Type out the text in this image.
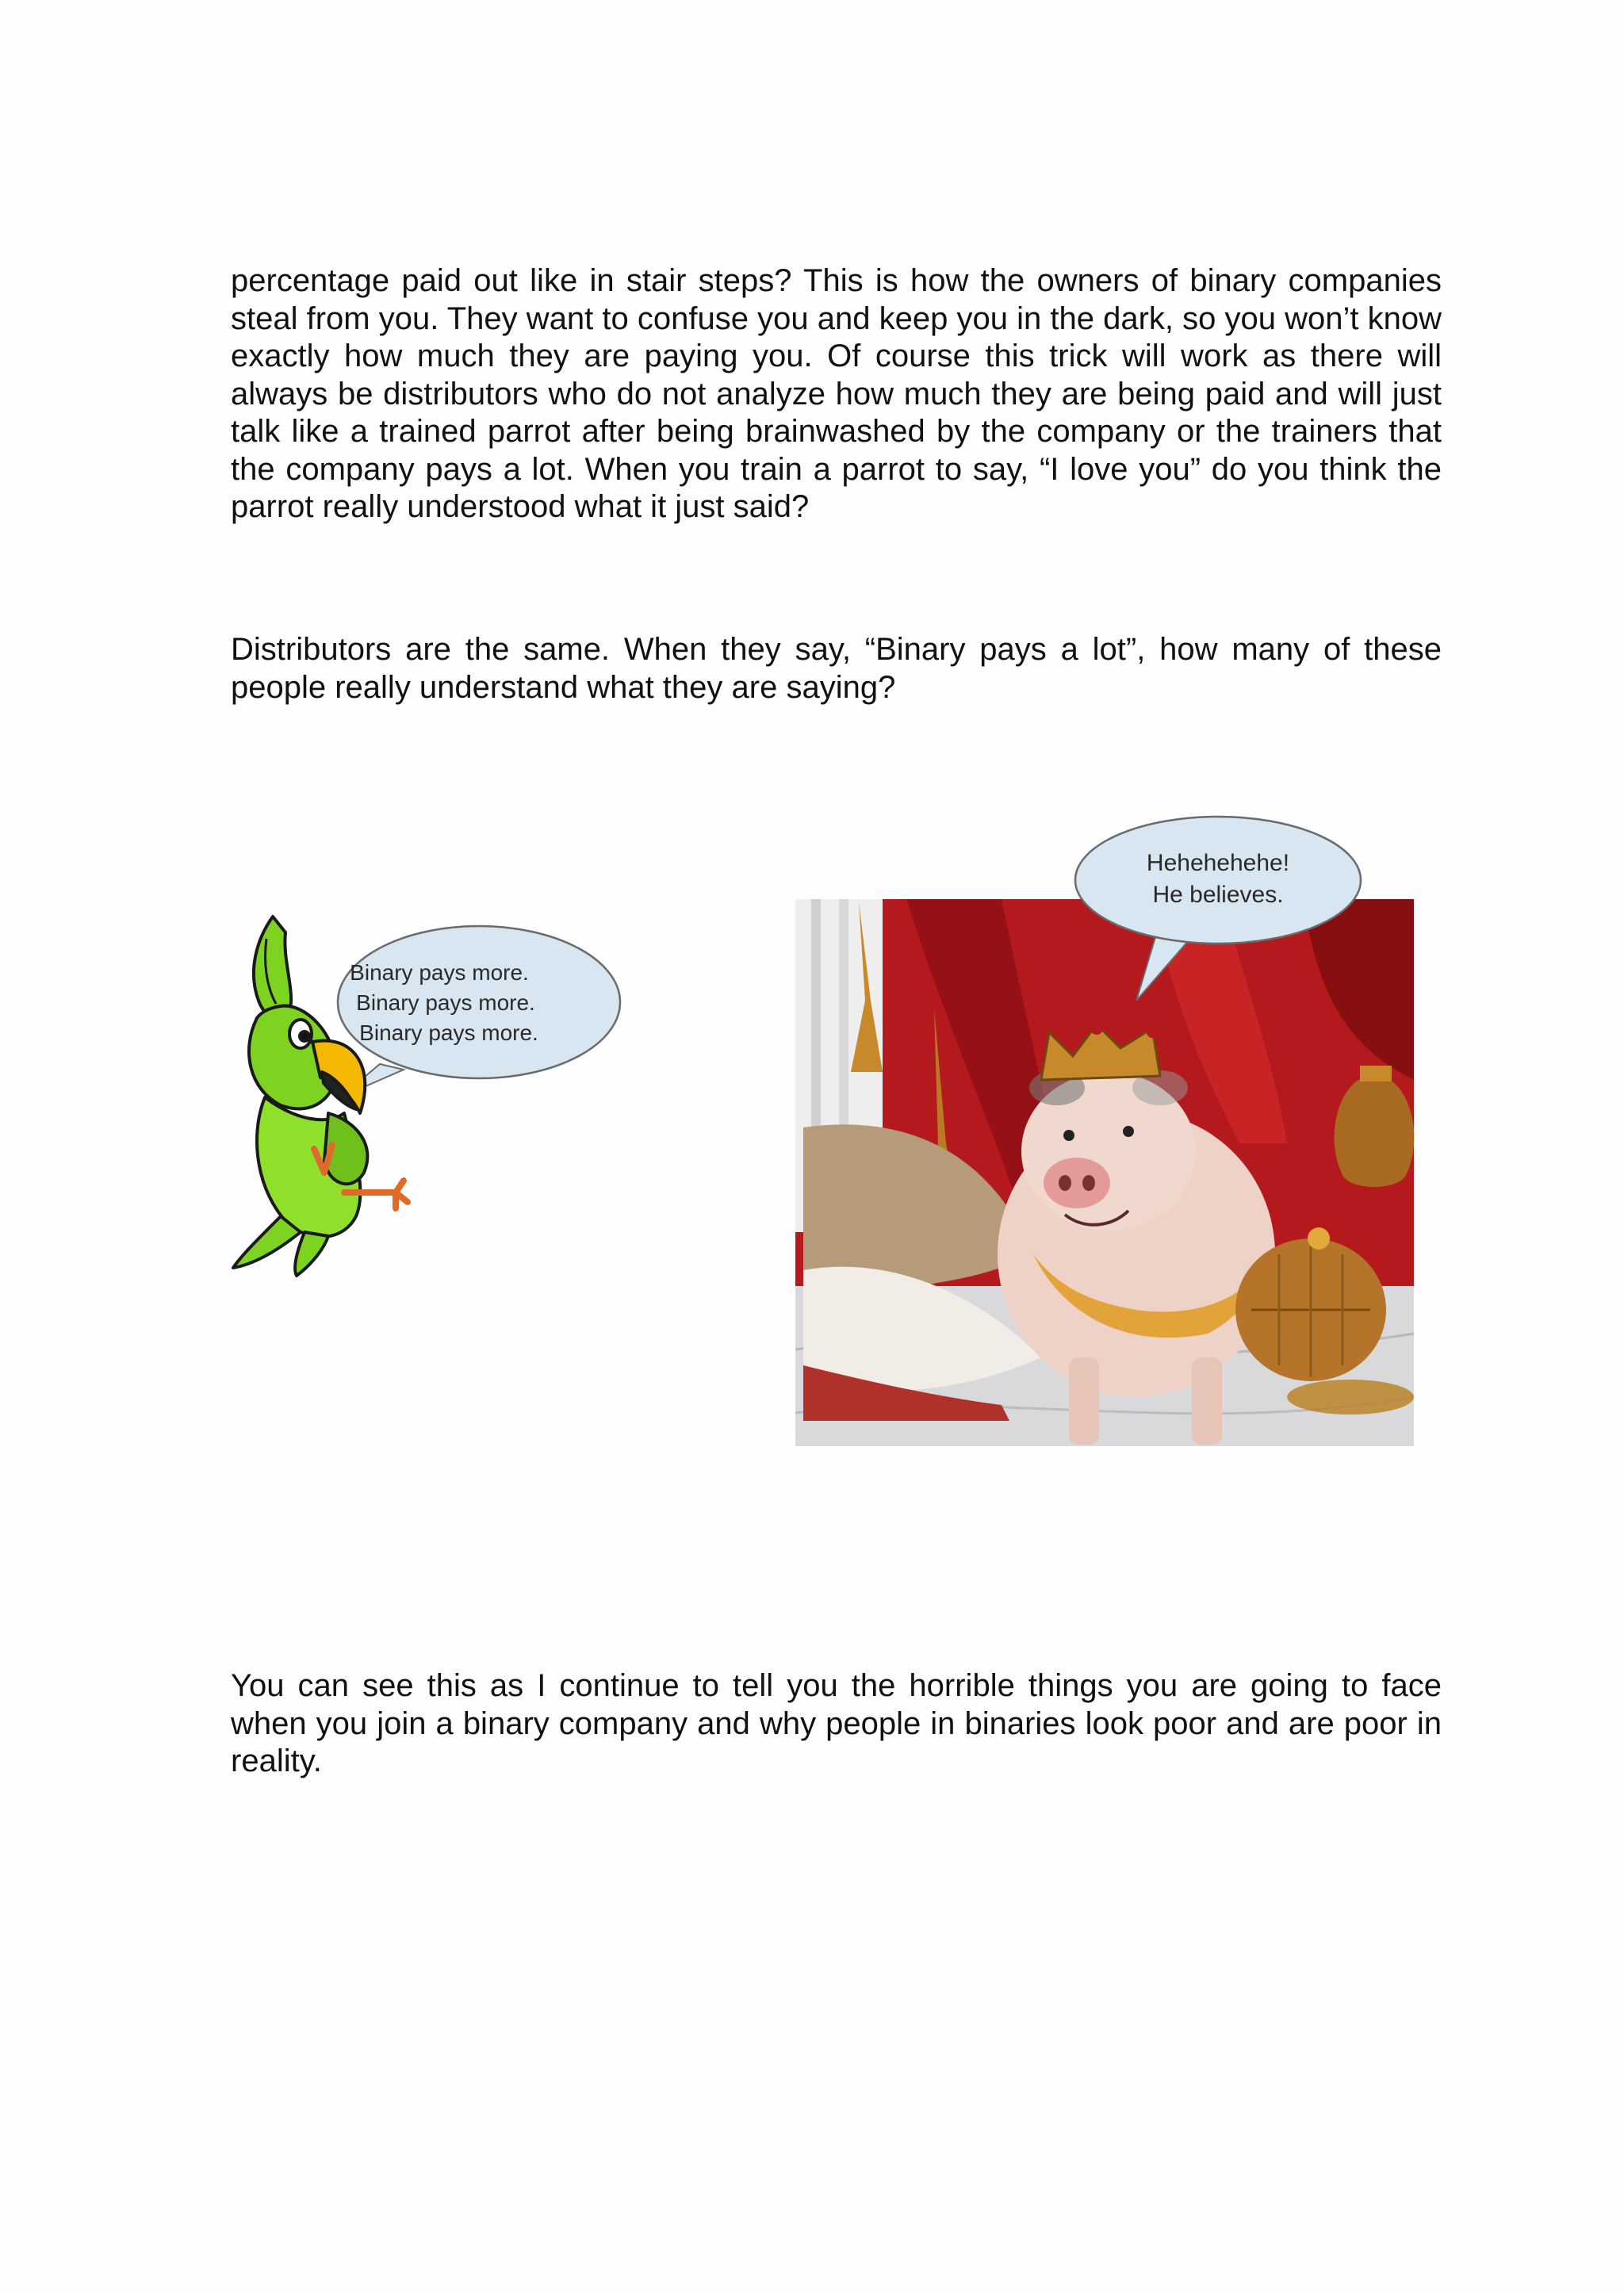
percentage paid out like in stair steps? This is how the owners of binary companies steal from you. They want to confuse you and keep you in the dark, so you won’t know exactly how much they are paying you. Of course this trick will work as there will always be distributors who do not analyze how much they are being paid and will just talk like a trained parrot after being brainwashed by the company or the trainers that the company pays a lot. When you train a parrot to say, “I love you” do you think the parrot really understood what it just said?

Distributors are the same. When they say, “Binary pays a lot”, how many of these people really understand what they are saying?

Binary pays more.
Binary pays more.
Binary pays more.
Hehehehehe!
He believes.

You can see this as I continue to tell you the horrible things you are going to face when you join a binary company and why people in binaries look poor and are poor in reality.
